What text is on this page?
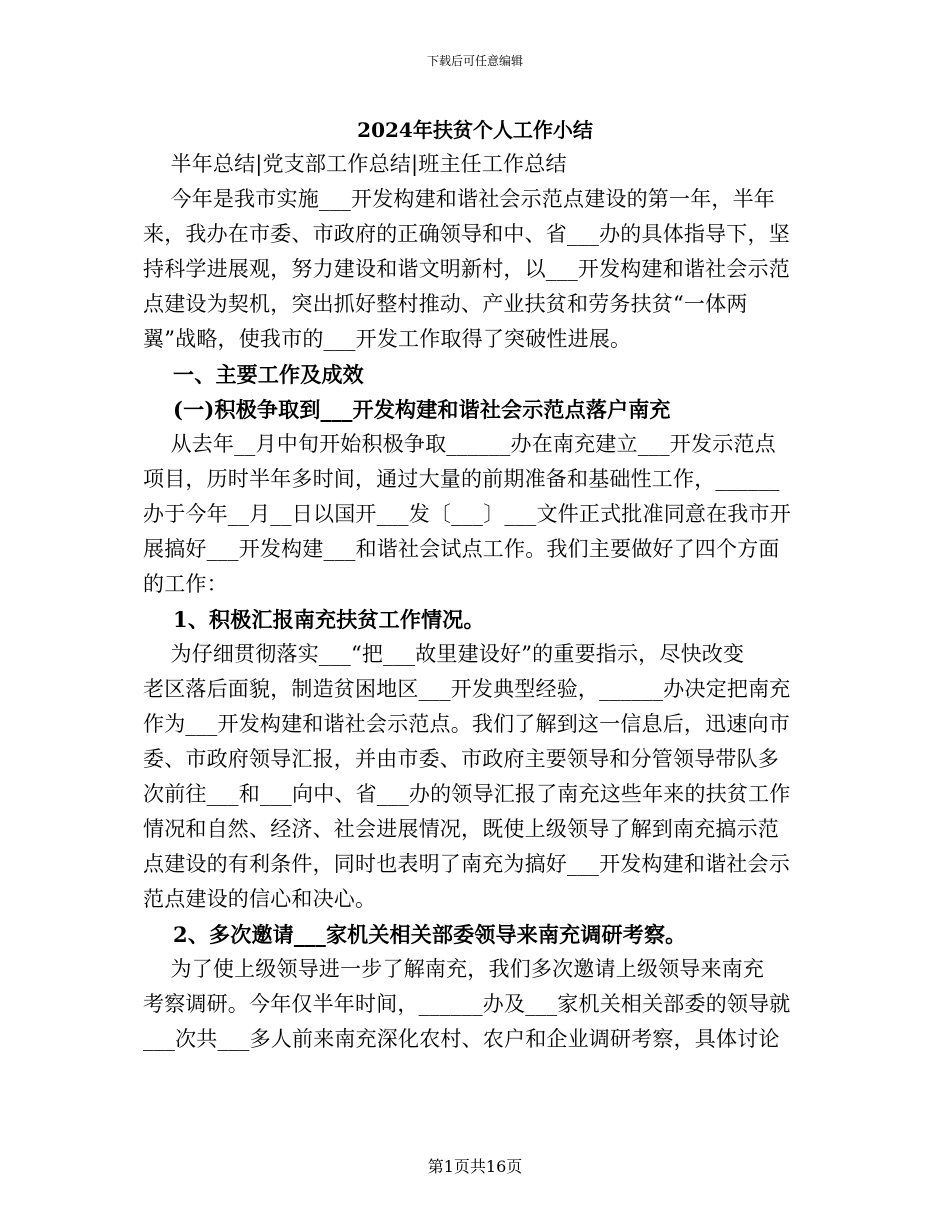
下载后可任意编辑
2024年扶贫个人工作小结
半年总结|党支部工作总结|班主任工作总结
今年是我市实施___开发构建和谐社会示范点建设的第一年，半年
来，我办在市委、市政府的正确领导和中、省___办的具体指导下，坚
持科学进展观，努力建设和谐文明新村，以___开发构建和谐社会示范
点建设为契机，突出抓好整村推动、产业扶贫和劳务扶贫“一体两
翼”战略，使我市的___开发工作取得了突破性进展。
一、主要工作及成效
(一)积极争取到___开发构建和谐社会示范点落户南充
从去年__月中旬开始积极争取______办在南充建立___开发示范点
项目，历时半年多时间，通过大量的前期准备和基础性工作，______
办于今年__月__日以国开___发〔___〕___文件正式批准同意在我市开
展搞好___开发构建___和谐社会试点工作。我们主要做好了四个方面
的工作：
1、积极汇报南充扶贫工作情况。
为仔细贯彻落实___“把___故里建设好”的重要指示，尽快改变
老区落后面貌，制造贫困地区___开发典型经验，______办决定把南充
作为___开发构建和谐社会示范点。我们了解到这一信息后，迅速向市
委、市政府领导汇报，并由市委、市政府主要领导和分管领导带队多
次前往___和___向中、省___办的领导汇报了南充这些年来的扶贫工作
情况和自然、经济、社会进展情况，既使上级领导了解到南充搞示范
点建设的有利条件，同时也表明了南充为搞好___开发构建和谐社会示
范点建设的信心和决心。
2、多次邀请___家机关相关部委领导来南充调研考察。
为了使上级领导进一步了解南充，我们多次邀请上级领导来南充
考察调研。今年仅半年时间，______办及___家机关相关部委的领导就
___次共___多人前来南充深化农村、农户和企业调研考察，具体讨论
第1页共16页
